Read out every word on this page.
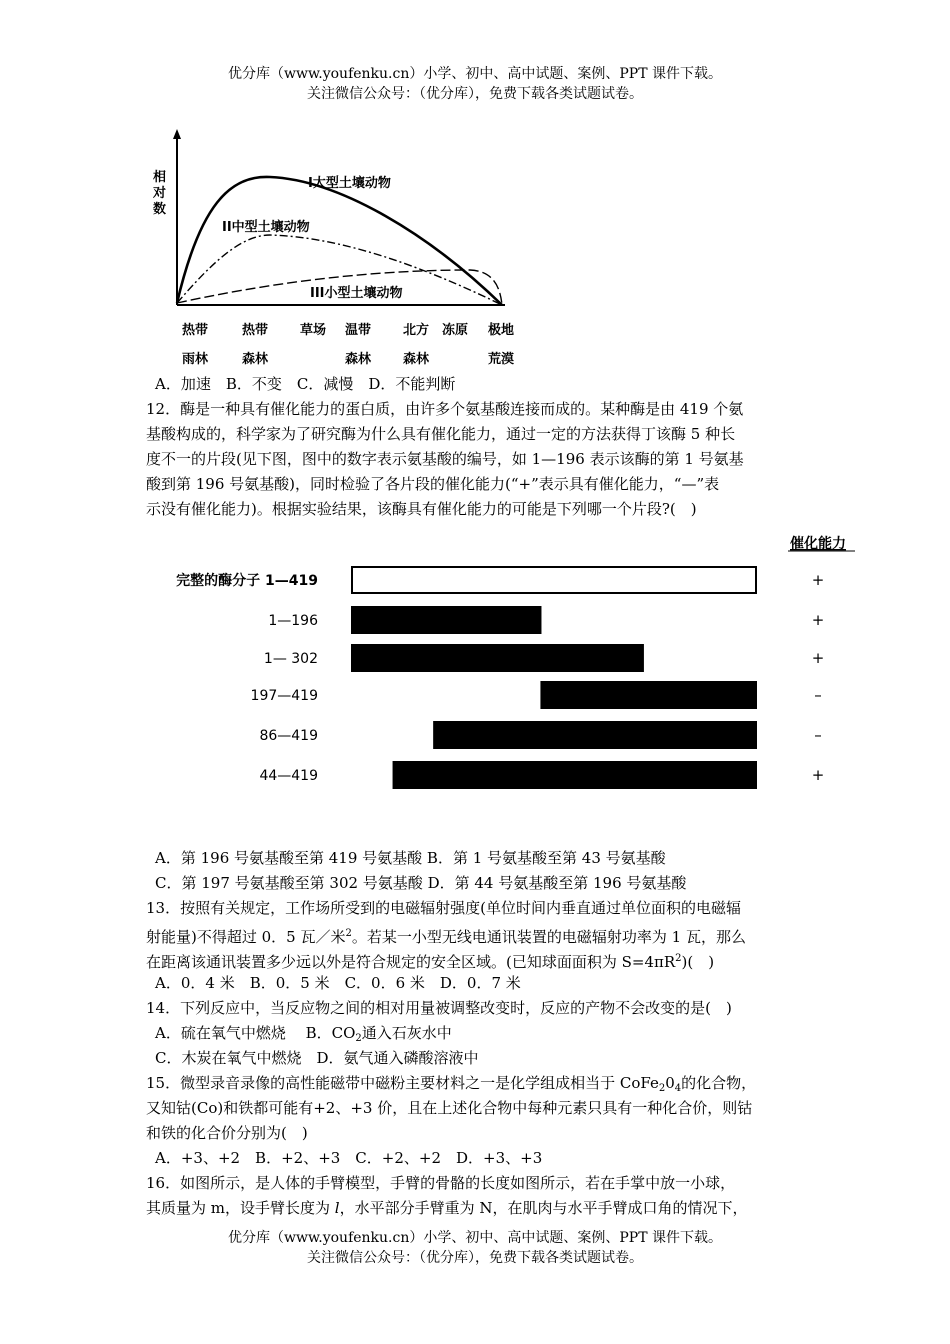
优分库（www.youfenku.cn）小学、初中、高中试题、案例、PPT 课件下载。
关注微信公众号：（优分库），免费下载各类试题试卷。
相
对
数
I大型土壤动物
II中型土壤动物
III小型土壤动物
热带
雨林
热带
森林
草场 温带
森林
北方
森林
冻原 极地
荒漠
A．加速　B．不变　C．减慢　D．不能判断
12．酶是一种具有催化能力的蛋白质，由许多个氨基酸连接而成的。某种酶是由 419 个氨
基酸构成的，科学家为了研究酶为什么具有催化能力，通过一定的方法获得丁该酶 5 种长
度不一的片段(见下图，图中的数字表示氨基酸的编号，如 1—196 表示该酶的第 1 号氨基
酸到第 196 号氨基酸)，同时检验了各片段的催化能力(“+”表示具有催化能力，“—”表
示没有催化能力)。根据实验结果，该酶具有催化能力的可能是下列哪一个片段?(　)
催化能力
完整的酶分子 1—419	+
1—196	+
1— 302	+
197—419	–
86—419	–
44—419	+
A．第 196 号氨基酸至第 419 号氨基酸 B．第 1 号氨基酸至第 43 号氨基酸
C．第 197 号氨基酸至第 302 号氨基酸 D．第 44 号氨基酸至第 196 号氨基酸
13．按照有关规定，工作场所受到的电磁辐射强度(单位时间内垂直通过单位面积的电磁辐
射能量)不得超过 0．5 瓦／米$^2$。若某一小型无线电通讯装置的电磁辐射功率为 1 瓦，那么
在距离该通讯装置多少远以外是符合规定的安全区域。(已知球面面积为 $S=4\pi R^2$)(　)
A．0．4 米　B．0．5 米　C．0．6 米　D．0．7 米
14．下列反应中，当反应物之间的相对用量被调整改变时，反应的产物不会改变的是(　)
A．硫在氧气中燃烧　 B．$CO_2$通入石灰水中
C．木炭在氧气中燃烧　D．氨气通入磷酸溶液中
15．微型录音录像的高性能磁带中磁粉主要材料之一是化学组成相当于 $CoFe_20_4$的化合物，
又知钴(Co)和铁都可能有+2、+3 价，且在上述化合物中每种元素只具有一种化合价，则钴
和铁的化合价分别为(　)
A．+3、+2　B．+2、+3　C．+2、+2　D．+3、+3
16．如图所示，是人体的手臂模型，手臂的骨骼的长度如图所示，若在手掌中放一小球，
其质量为 m，设手臂长度为 l，水平部分手臂重为 N，在肌肉与水平手臂成口角的情况下，
优分库（www.youfenku.cn）小学、初中、高中试题、案例、PPT 课件下载。
关注微信公众号：（优分库），免费下载各类试题试卷。
